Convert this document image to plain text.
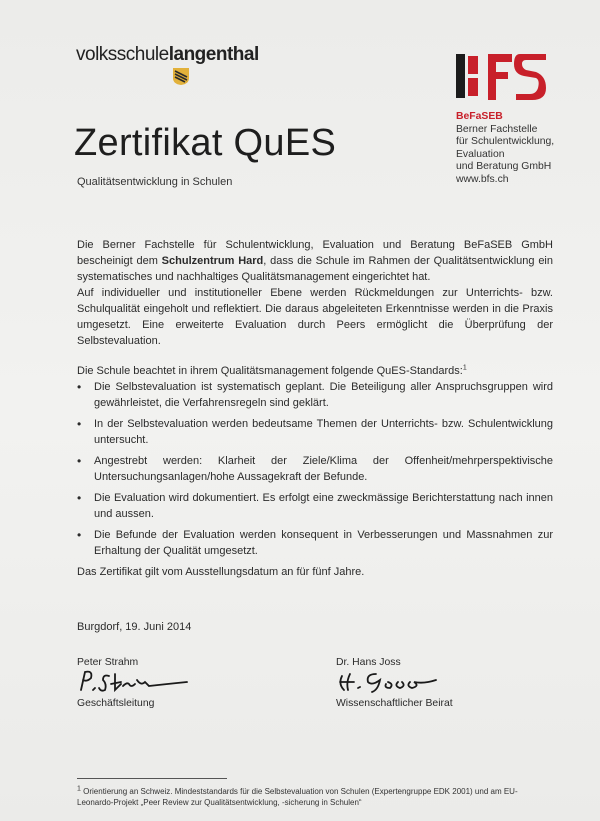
volksschulelangenthal
BeFaSEB
Berner Fachstelle
für Schulentwicklung,
Evaluation
und Beratung GmbH
www.bfs.ch
Zertifikat QuES
Qualitätsentwicklung in Schulen

Die Berner Fachstelle für Schulentwicklung, Evaluation und Beratung BeFaSEB GmbH bescheinigt dem Schulzentrum Hard, dass die Schule im Rahmen der Qualitätsentwicklung ein systematisches und nachhaltiges Qualitätsmanagement eingerichtet hat.

Auf individueller und institutioneller Ebene werden Rückmeldungen zur Unterrichts- bzw. Schulqualität eingeholt und reflektiert. Die daraus abgeleiteten Erkenntnisse werden in die Praxis umgesetzt. Eine erweiterte Evaluation durch Peers ermöglicht die Überprüfung der Selbstevaluation.

Die Schule beachtet in ihrem Qualitätsmanagement folgende QuES-Standards:$^1$

• Die Selbstevaluation ist systematisch geplant. Die Beteiligung aller Anspruchsgruppen wird gewährleistet, die Verfahrensregeln sind geklärt.
• In der Selbstevaluation werden bedeutsame Themen der Unterrichts- bzw. Schulentwicklung untersucht.
• Angestrebt werden: Klarheit der Ziele/Klima der Offenheit/mehrperspektivische Untersuchungsanlagen/hohe Aussagekraft der Befunde.
• Die Evaluation wird dokumentiert. Es erfolgt eine zweckmässige Berichterstattung nach innen und aussen.
• Die Befunde der Evaluation werden konsequent in Verbesserungen und Massnahmen zur Erhaltung der Qualität umgesetzt.

Das Zertifikat gilt vom Ausstellungsdatum an für fünf Jahre.

Burgdorf, 19. Juni 2014
Peter Strahm
Geschäftsleitung
Dr. Hans Joss
Wissenschaftlicher Beirat
$^1$ Orientierung an Schweiz. Mindeststandards für die Selbstevaluation von Schulen (Expertengruppe EDK 2001) und am EU-Leonardo-Projekt „Peer Review zur Qualitätsentwicklung, -sicherung in Schulen“
